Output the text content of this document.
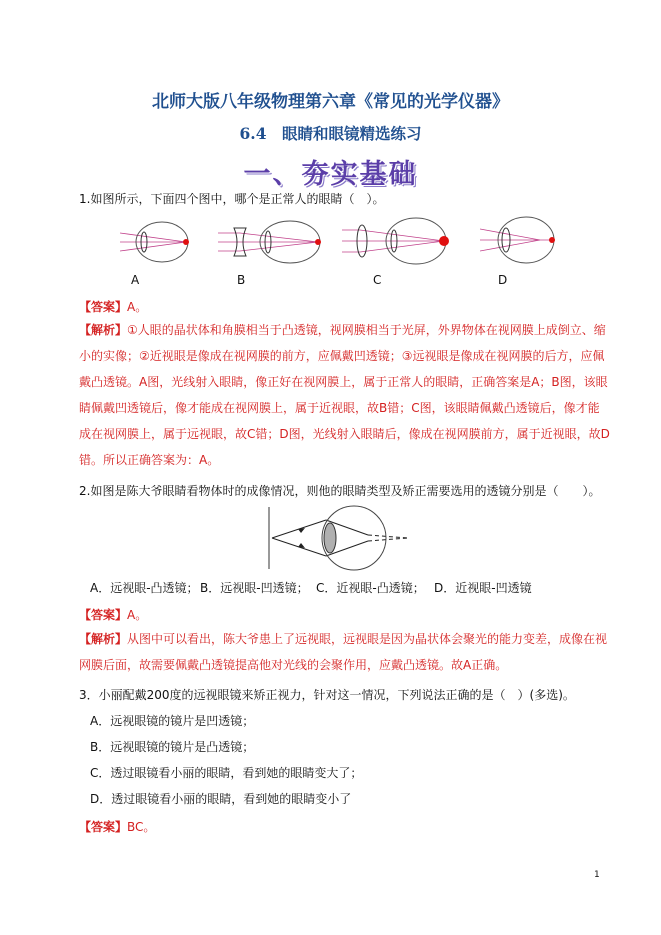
北师大版八年级物理第六章《常见的光学仪器》
6.4　眼睛和眼镜精选练习
一、夯实基础
1.如图所示，下面四个图中，哪个是正常人的眼睛（　）。
A	B	C	D
【答案】A。
【解析】①人眼的晶状体和角膜相当于凸透镜，视网膜相当于光屏，外界物体在视网膜上成倒立、缩小的实像；②近视眼是像成在视网膜的前方，应佩戴凹透镜；③远视眼是像成在视网膜的后方，应佩戴凸透镜。A图，光线射入眼睛，像正好在视网膜上，属于正常人的眼睛，正确答案是A；B图，该眼睛佩戴凹透镜后，像才能成在视网膜上，属于近视眼，故B错；C图，该眼睛佩戴凸透镜后，像才能成在视网膜上，属于远视眼，故C错；D图，光线射入眼睛后，像成在视网膜前方，属于近视眼，故D错。所以正确答案为：A。
2.如图是陈大爷眼睛看物体时的成像情况，则他的眼睛类型及矫正需要选用的透镜分别是（　　）。
A．远视眼-凸透镜； B．远视眼-凹透镜； C．近视眼-凸透镜； D．近视眼-凹透镜
【答案】A。
【解析】从图中可以看出，陈大爷患上了远视眼，远视眼是因为晶状体会聚光的能力变差，成像在视网膜后面，故需要佩戴凸透镜提高他对光线的会聚作用，应戴凸透镜。故A正确。
3．小丽配戴200度的远视眼镜来矫正视力，针对这一情况，下列说法正确的是（　）(多选)。
A．远视眼镜的镜片是凹透镜；
B．远视眼镜的镜片是凸透镜；
C．透过眼镜看小丽的眼睛，看到她的眼睛变大了；
D．透过眼镜看小丽的眼睛，看到她的眼睛变小了
【答案】BC。
1
